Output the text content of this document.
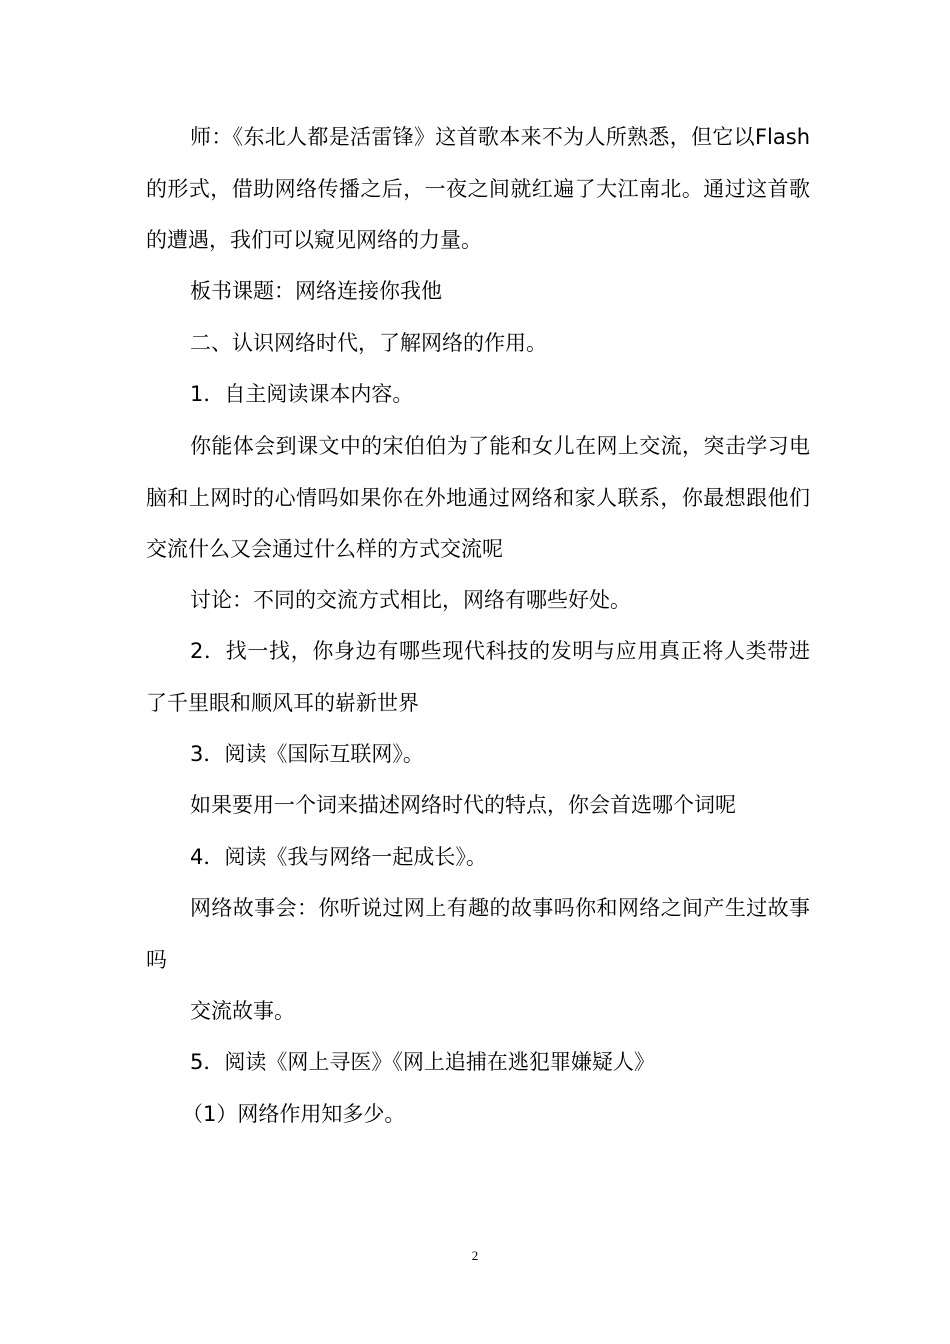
师：《东北人都是活雷锋》这首歌本来不为人所熟悉，但它以Flash的形式，借助网络传播之后，一夜之间就红遍了大江南北。通过这首歌的遭遇，我们可以窥见网络的力量。

板书课题：网络连接你我他

二、认识网络时代，了解网络的作用。

1．自主阅读课本内容。

你能体会到课文中的宋伯伯为了能和女儿在网上交流，突击学习电脑和上网时的心情吗如果你在外地通过网络和家人联系，你最想跟他们交流什么又会通过什么样的方式交流呢

讨论：不同的交流方式相比，网络有哪些好处。

2．找一找，你身边有哪些现代科技的发明与应用真正将人类带进了千里眼和顺风耳的崭新世界

3．阅读《国际互联网》。

如果要用一个词来描述网络时代的特点，你会首选哪个词呢

4．阅读《我与网络一起成长》。

网络故事会：你听说过网上有趣的故事吗你和网络之间产生过故事吗

交流故事。

5．阅读《网上寻医》《网上追捕在逃犯罪嫌疑人》

（1）网络作用知多少。

2
